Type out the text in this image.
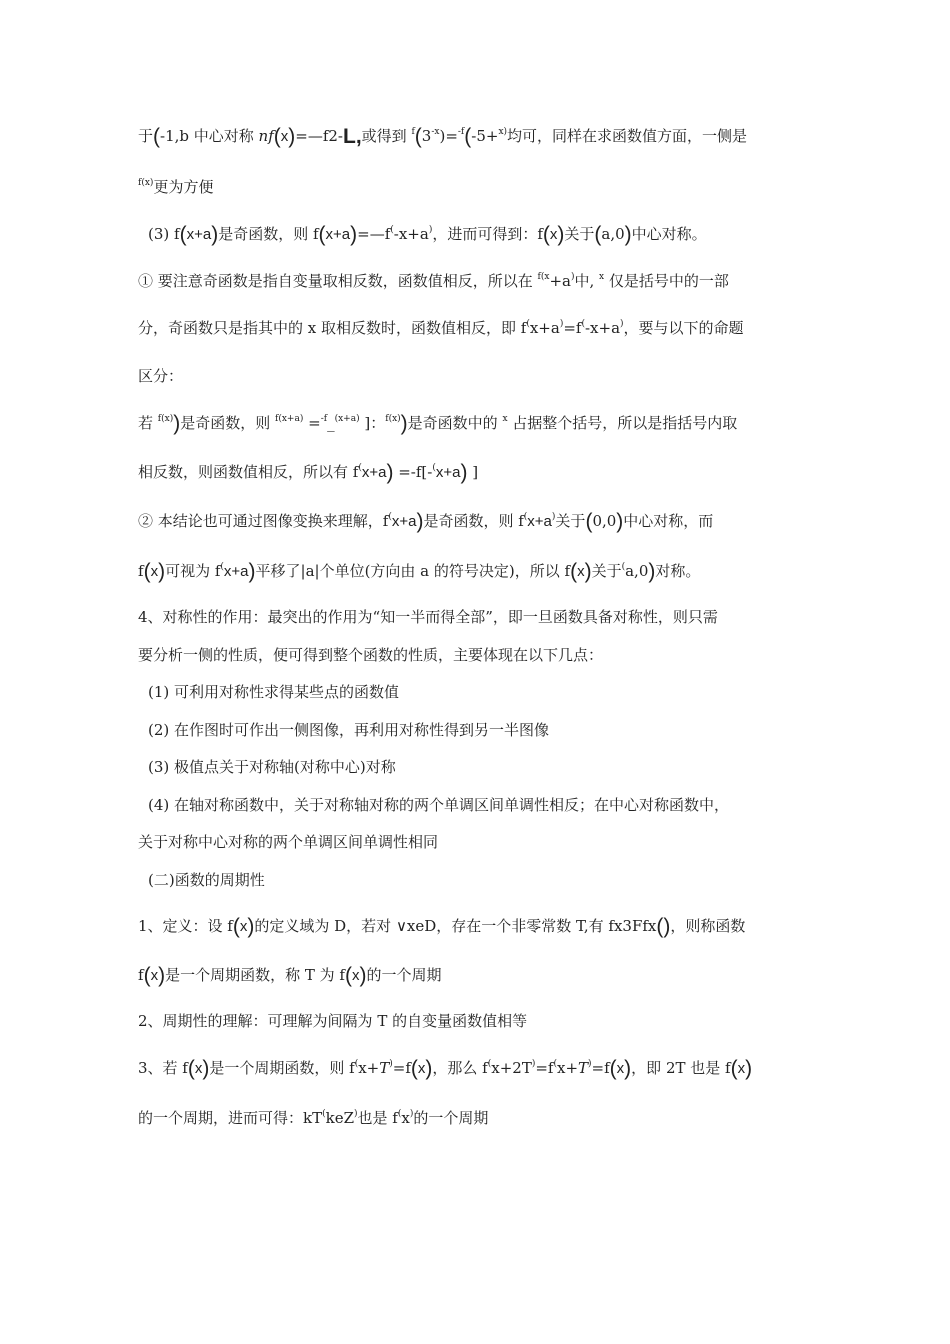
于(-1,b 中心对称 nf(x)=—f2-L,或得到 $^f(3^{-x})=^{-f}(-5+^{x)}$均可，同样在求函数值方面，一侧是
$^{f(x)}$更为方便
(3) f(x+a)是奇函数，则 f(x+a)=—f(-x+a)，进而可得到：f(x)关于(a,0)中心对称。
① 要注意奇函数是指自变量取相反数，函数值相反，所以在 $^{f(x}$+a)中, $^x$ 仅是括号中的一部
分，奇函数只是指其中的 x 取相反数时，函数值相反，即 f(x+a)=f(-x+a)，要与以下的命题
区分：
若 $^{f(x)}$)是奇函数，则 $^{f(x+a)}$ =$^{-f}$_$^{(x+a)}$ ]：$^{f(x)}$)是奇函数中的 $^x$ 占据整个括号，所以是指括号内取
相反数，则函数值相反，所以有 f(x+a) =-f[-(x+a) ]
② 本结论也可通过图像变换来理解，f(x+a)是奇函数，则 f(x+a)关于(0,0)中心对称，而
f(x)可视为 f(x+a)平移了|a|个单位(方向由 a 的符号决定)，所以 f(x)关于(a,0)对称。
4、对称性的作用：最突出的作用为“知一半而得全部”，即一旦函数具备对称性，则只需
要分析一侧的性质，便可得到整个函数的性质，主要体现在以下几点：
(1) 可利用对称性求得某些点的函数值
(2) 在作图时可作出一侧图像，再利用对称性得到另一半图像
(3) 极值点关于对称轴(对称中心)对称
(4) 在轴对称函数中，关于对称轴对称的两个单调区间单调性相反；在中心对称函数中，
关于对称中心对称的两个单调区间单调性相同
(二)函数的周期性
1、定义：设 f(x)的定义域为 D，若对 ∨xeD，存在一个非零常数 T,有 fx3Ffx()，则称函数
f(x)是一个周期函数，称 T 为 f(x)的一个周期
2、周期性的理解：可理解为间隔为 T 的自变量函数值相等
3、若 f(x)是一个周期函数，则 f(x+T)=f(x)，那么 f(x+2T)=f(x+T)=f(x)，即 2T 也是 f(x)
的一个周期，进而可得：kT(keZ)也是 f(x)的一个周期
